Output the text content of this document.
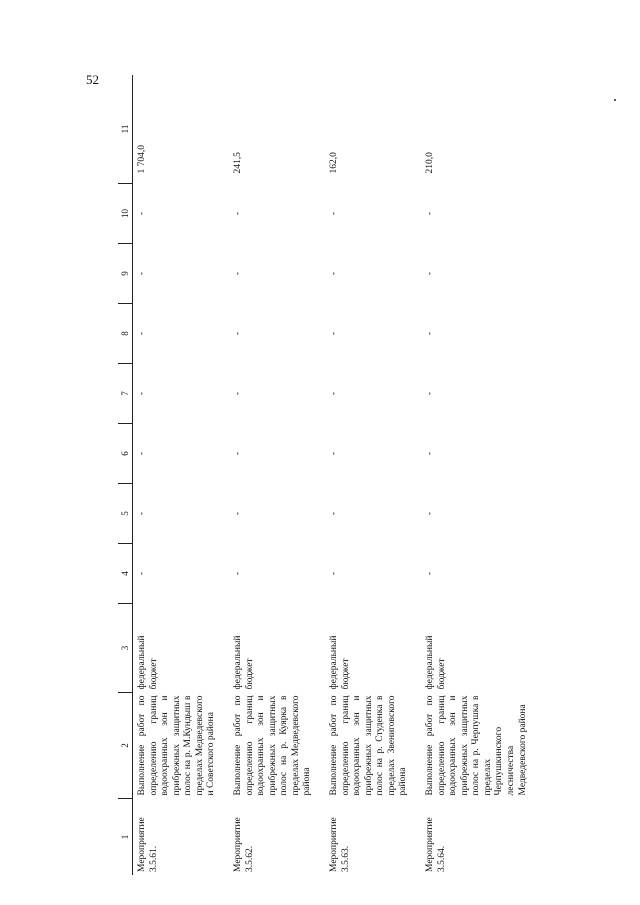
52
1	2	3	4	5	6	7	8	9	10	11
Мероприятие 3.5.61.	Выполнение работ по определению границ водоохранных зон и прибрежных защитных полос на р. М.Кундыш в пределах Медведевского и Советского района	федеральный бюджет	-	-	-	-	-	-	-	1 704,0
Мероприятие 3.5.62.	Выполнение работ по определению границ водоохранных зон и прибрежных защитных полос на р. Куярка в пределах Медведевского района	федеральный бюджет	-	-	-	-	-	-	-	241,5
Мероприятие 3.5.63.	Выполнение работ по определению границ водоохранных зон и прибрежных защитных полос на р. Студенка в пределах Звениговского района	федеральный бюджет	-	-	-	-	-	-	-	162,0
Мероприятие 3.5.64.	Выполнение работ по определению границ водоохранных зон и прибрежных защитных полос на р. Черпушка в пределах Черпушкинского лесничества Медведевского района	федеральный бюджет	-	-	-	-	-	-	-	210,0
